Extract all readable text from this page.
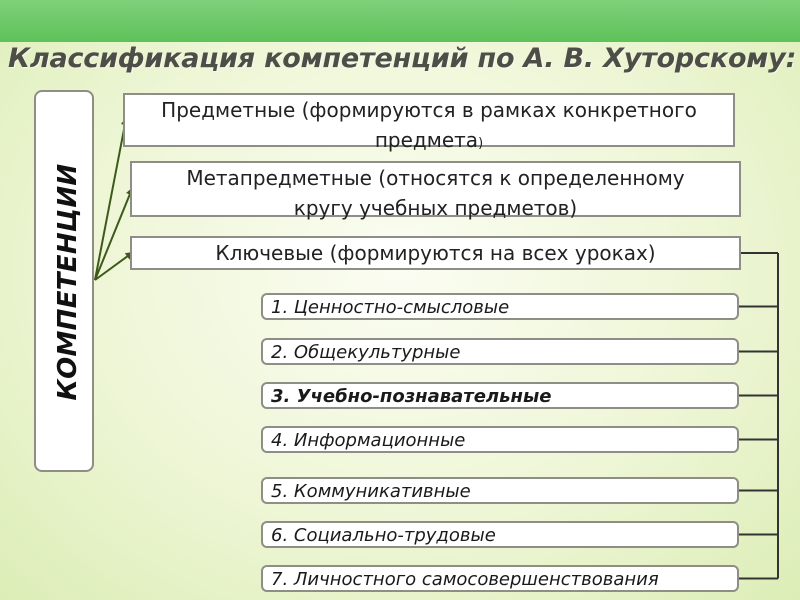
Классификация компетенций по А. В. Хуторскому:
КОМПЕТЕНЦИИ
Предметные (формируются в рамках конкретного
предмета)
Метапредметные (относятся к определенному
кругу учебных предметов)
Ключевые (формируются на всех уроках)
1. Ценностно-смысловые
2. Общекультурные
3. Учебно-познавательные
4. Информационные
5. Коммуникативные
6. Социально-трудовые
7. Личностного самосовершенствования
